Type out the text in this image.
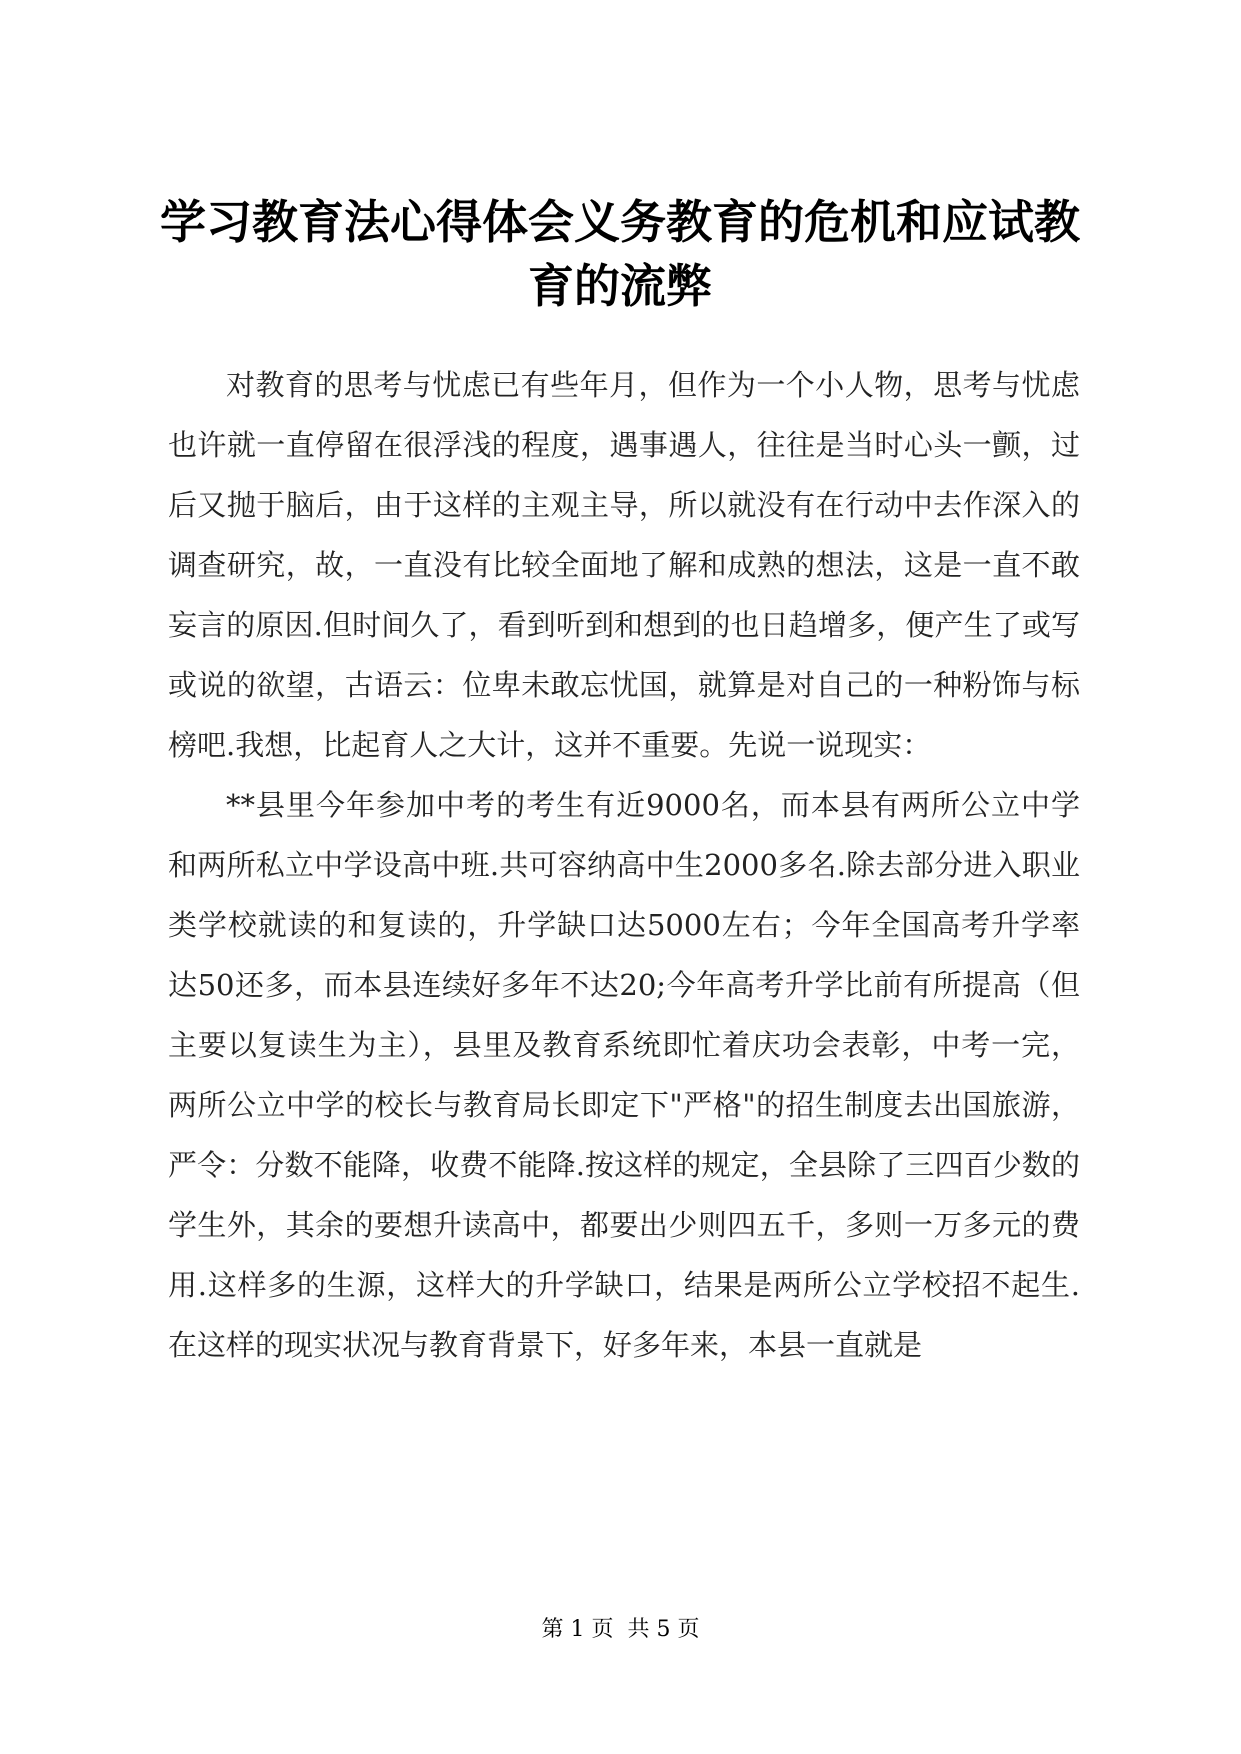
学习教育法心得体会义务教育的危机和应试教育的流弊

对教育的思考与忧虑已有些年月，但作为一个小人物，思考与忧虑也许就一直停留在很浮浅的程度，遇事遇人，往往是当时心头一颤，过后又抛于脑后，由于这样的主观主导，所以就没有在行动中去作深入的调查研究，故，一直没有比较全面地了解和成熟的想法，这是一直不敢妄言的原因.但时间久了，看到听到和想到的也日趋增多，便产生了或写或说的欲望，古语云：位卑未敢忘忧国，就算是对自己的一种粉饰与标榜吧.我想，比起育人之大计，这并不重要。先说一说现实：

**县里今年参加中考的考生有近9000名，而本县有两所公立中学和两所私立中学设高中班.共可容纳高中生2000多名.除去部分进入职业类学校就读的和复读的，升学缺口达5000左右；今年全国高考升学率达50还多，而本县连续好多年不达20;今年高考升学比前有所提高（但主要以复读生为主），县里及教育系统即忙着庆功会表彰，中考一完，两所公立中学的校长与教育局长即定下"严格"的招生制度去出国旅游，严令：分数不能降，收费不能降.按这样的规定，全县除了三四百少数的学生外，其余的要想升读高中，都要出少则四五千，多则一万多元的费用.这样多的生源，这样大的升学缺口，结果是两所公立学校招不起生.在这样的现实状况与教育背景下，好多年来，本县一直就是

第 1 页  共 5 页
